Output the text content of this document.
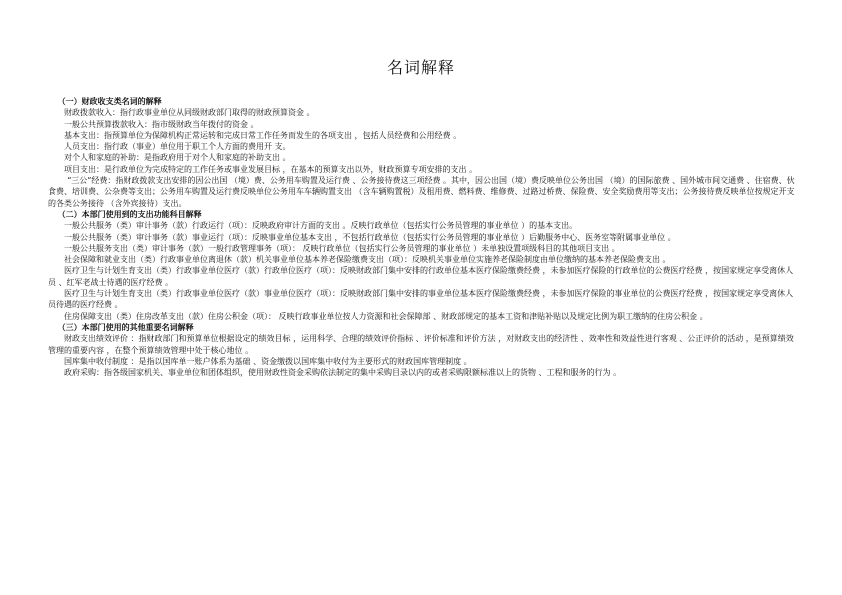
名词解释

（一）财政收支类名词的解释

财政拨款收入：指行政事业单位从同级财政部门取得的财政预算资金 。

一般公共预算拨款收入：指市级财政当年拨付的资金 。

基本支出：指预算单位为保障机构正常运转和完成日常工作任务而发生的各项支出 ，包括人员经费和公用经费 。

人员支出：指行政（事业）单位用于职工个人方面的费用开 支。

对个人和家庭的补助：是指政府用于对个人和家庭的补助支出 。

项目支出：是行政单位为完成特定的工作任务或事业发展目标 ，在基本的预算支出以外，财政预算专项安排的支出 。

“三公”经费：指财政拨款支出安排的因公出国 （境）费、公务用车购置及运行费 、公务接待费这三项经费 。其中，因公出国（境）费反映单位公务出国 （境）的国际旅费 、国外城市间交通费 、住宿费、伙食费、培训费、公杂费等支出；公务用车购置及运行费反映单位公务用车车辆购置支出 （含车辆购置税）及租用费、燃料费、维修费、过路过桥费、保险费、安全奖励费用等支出；公务接待费反映单位按规定开支的各类公务接待 （含外宾接待）支出。

（二）本部门使用到的支出功能科目解释

一般公共服务（类）审计事务（款）行政运行（项）：反映政府审计方面的支出 。反映行政单位（包括实行公务员管理的事业单位 ）的基本支出。

一般公共服务（类）审计事务（款）事业运行（项）：反映事业单位基本支出 ，不包括行政单位（包括实行公务员管理的事业单位 ）后勤服务中心、医务室等附属事业单位 。

一般公共服务支出（类）审计事务（款）一般行政管理事务（项）： 反映行政单位（包括实行公务员管理的事业单位 ）未单独设置项级科目的其他项目支出 。

社会保障和就业支出（类）行政事业单位离退休（款）机关事业单位基本养老保险缴费支出（项）：反映机关事业单位实施养老保险制度由单位缴纳的基本养老保险费支出 。

医疗卫生与计划生育支出（类）行政事业单位医疗（款）行政单位医疗（项）：反映财政部门集中安排的行政单位基本医疗保险缴费经费 ，未参加医疗保险的行政单位的公费医疗经费 ，按国家规定享受离休人员 、红军老战士待遇的医疗经费 。

医疗卫生与计划生育支出（类）行政事业单位医疗（款）事业单位医疗（项）：反映财政部门集中安排的事业单位基本医疗保险缴费经费 ，未参加医疗保险的事业单位的公费医疗经费 ，按国家规定享受离休人员待遇的医疗经费 。

住房保障支出（类）住房改革支出（款）住房公积金（项）： 反映行政事业单位按人力资源和社会保障部 、财政部规定的基本工资和津贴补贴以及规定比例为职工缴纳的住房公积金 。

（三）本部门使用的其他重要名词解释

财政支出绩效评价 ：指财政部门和预算单位根据设定的绩效目标 ，运用科学、合理的绩效评价指标 、评价标准和评价方法 ，对财政支出的经济性 、效率性和效益性进行客观 、公正评价的活动 ，是预算绩效管理的重要内容 ，在整个预算绩效管理中处于核心地位 。

国库集中收付制度 ：是指以国库单一账户体系为基础 、资金缴拨以国库集中收付为主要形式的财政国库管理制度 。

政府采购：指各级国家机关、事业单位和团体组织，使用财政性资金采购依法制定的集中采购目录以内的或者采购限额标准以上的货物 、工程和服务的行为 。
